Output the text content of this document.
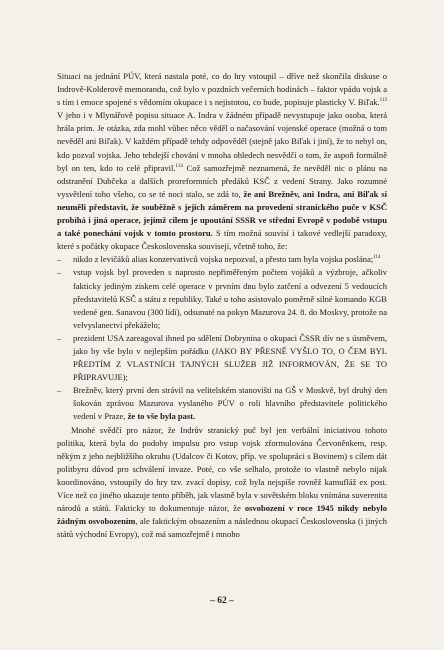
Situaci na jednání PÚV, která nastala poté, co do hry vstoupil – dříve než skončila diskuse o Indrově-Kolderově memorandu, což bylo v pozdních večerních hodinách – faktor vpádu vojsk a s tím i emoce spojené s vědomím okupace i s nejistotou, co bude, popisuje plasticky V. Biľak.$^{113}$ V jeho i v Mlynářově popisu situace A. Indra v žádném případě nevystupuje jako osoba, která hrála prim. Je otázka, zda mohl vůbec něco věděl o načasování vojenské operace (možná o tom nevěděl ani Biľak). V každém případě tehdy odpověděl (stejně jako Biľak i jiní), že to nebyl on, kdo pozval vojska. Jeho tehdejší chování v mnoha ohledech nesvědčí o tom, že aspoň formálně byl on ten, kdo to celé připravil.$^{114}$ Což samozřejmě neznamená, že nevěděl nic o plánu na odstranění Dubčeka a dalších proreformních předáků KSČ z vedení Strany. Jako rozumné vysvětlení toho všeho, co se té noci stalo, se zdá to, že ani Brežněv, ani Indra, ani Biľak si neuměli představit, že souběžně s jejich záměrem na provedení stranického puče v KSČ probíhá i jiná operace, jejímž cílem je upoutání SSSR ve střední Evropě v podobě vstupu a také ponechání vojsk v tomto prostoru. S tím možná souvisí i takové vedlejší paradoxy, které s počátky okupace Československa souvisejí, včetně toho, že:

– nikdo z levičáků alias konzervativců vojska nepozval, a přesto tam byla vojska poslána;$^{114}$
– vstup vojsk byl proveden s naprosto nepřiměřeným počtem vojáků a výzbroje, ačkoliv fakticky jediným ziskem celé operace v prvním dnu bylo zatčení a odvezení 5 vedoucích představitelů KSČ a státu z republiky. Také u toho asistovalo poměrně silné komando KGB vedené gen. Sanavou (300 lidí), odsunuté na pokyn Mazurova 24. 8. do Moskvy, protože na velvyslanectví překáželo;
– prezident USA zareagoval ihned po sdělení Dobrynina o okupaci ČSSR dív ne s úsměvem, jako by vše bylo v nejlepším pořádku (JAKO BY PŘESNĚ VYŠLO TO, O ČEM BYL PŘEDTÍM Z VLASTNÍCH TAJNÝCH SLUŽEB JIŽ INFORMOVÁN, ŽE SE TO PŘIPRAVUJE);
– Brežněv, který první den strávil na velitelském stanovišti na GŠ v Moskvě, byl druhý den šokován zprávou Mazurova vyslaného PÚV o roli hlavního představitele politického vedení v Praze, že to vše byla past.

Mnohé svědčí pro názor, že Indrův stranický puč byl jen verbální iniciativou tohoto politika, která byla do podoby impulsu pro vstup vojsk zformulována Červoněnkem, resp. někým z jeho nejbližšího okruhu (Udalcov či Kotov, příp. ve spolupráci s Bovinem) s cílem dát politbyru důvod pro schválení invaze. Poté, co vše selhalo, protože to vlastně nebylo nijak koordinováno, vstoupily do hry tzv. zvací dopisy, což byla nejspíše rovněž kamufláž ex post. Více než co jiného ukazuje tento příběh, jak vlastně byla v sovětském bloku vnímána suverenita národů a států. Fakticky to dokumentuje názor, že osvobození v roce 1945 nikdy nebylo žádným osvobozením, ale faktickým obsazením a následnou okupací Československa (i jiných států východní Evropy), což má samozřejmě i mnoho

– 62 –
